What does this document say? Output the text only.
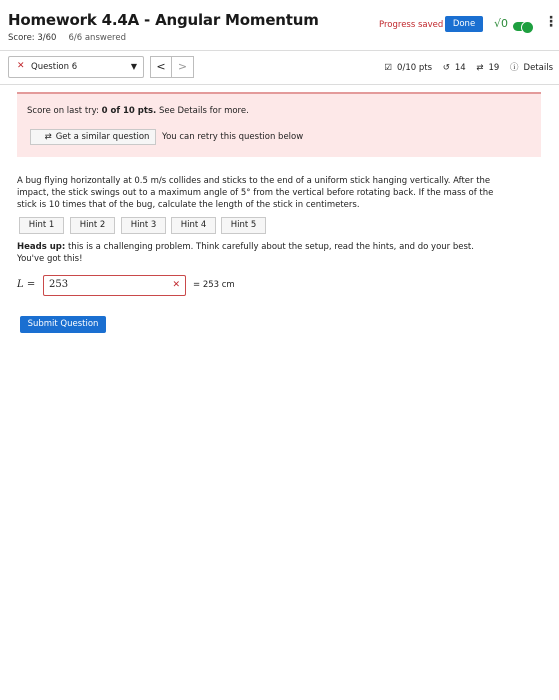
Homework 4.4A - Angular Momentum
Score: 3/60 6/6 answered
Progress saved	Done	√0	⋮
✕ Question 6	▼	<	>	☑ 0/10 pts ↺ 14 ⇄ 19 ⓘ Details
Score on last try: 0 of 10 pts. See Details for more.
⇄ Get a similar question	You can retry this question below
A bug flying horizontally at 0.5 m/s collides and sticks to the end of a uniform stick hanging vertically. After the impact, the stick swings out to a maximum angle of 5° from the vertical before rotating back. If the mass of the stick is 10 times that of the bug, calculate the length of the stick in centimeters.
Hint 1	Hint 2	Hint 3	Hint 4	Hint 5
Heads up: this is a challenging problem. Think carefully about the setup, read the hints, and do your best. You've got this!
L = 253	✕ = 253 cm
Submit Question
